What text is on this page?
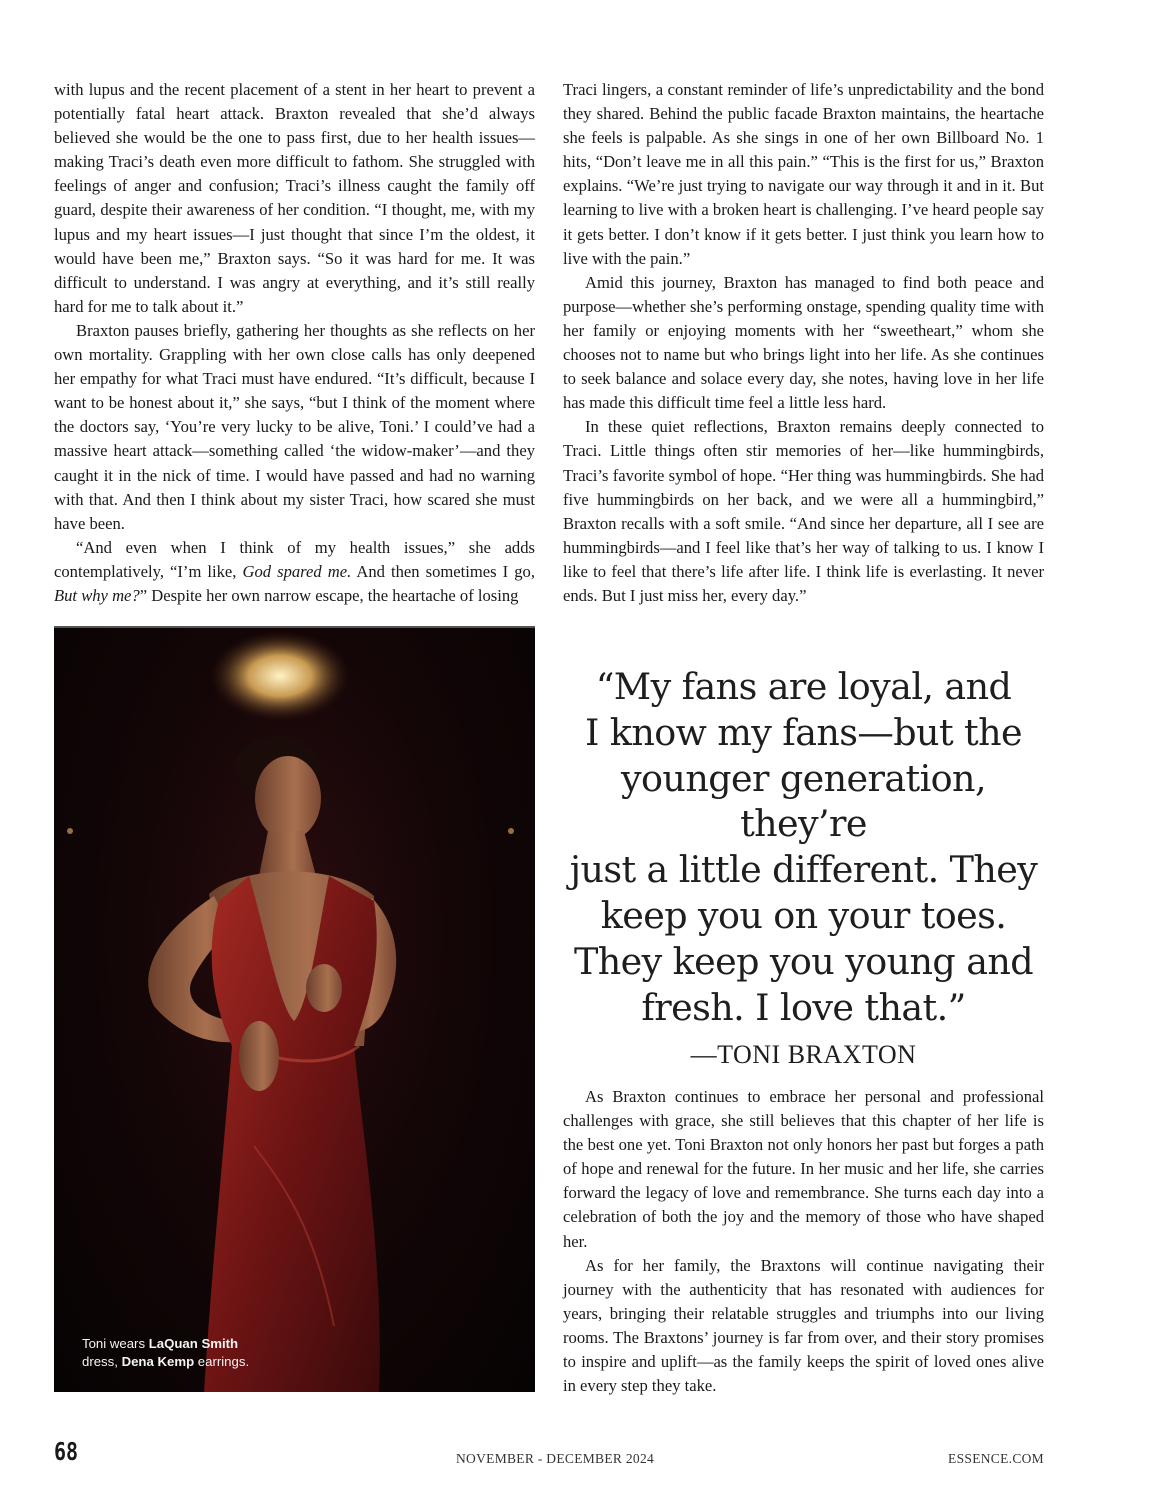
with lupus and the recent placement of a stent in her heart to prevent a potentially fatal heart attack. Braxton revealed that she’d always believed she would be the one to pass first, due to her health issues—making Traci’s death even more difficult to fathom. She struggled with feelings of anger and confusion; Traci’s illness caught the family off guard, despite their awareness of her condition. “I thought, me, with my lupus and my heart issues—I just thought that since I’m the oldest, it would have been me,” Braxton says. “So it was hard for me. It was difficult to understand. I was angry at everything, and it’s still really hard for me to talk about it.”

Braxton pauses briefly, gathering her thoughts as she reflects on her own mortality. Grappling with her own close calls has only deepened her empathy for what Traci must have endured. “It’s difficult, because I want to be honest about it,” she says, “but I think of the moment where the doctors say, ‘You’re very lucky to be alive, Toni.’ I could’ve had a massive heart attack—something called ‘the widow-maker’—and they caught it in the nick of time. I would have passed and had no warning with that. And then I think about my sister Traci, how scared she must have been.

“And even when I think of my health issues,” she adds contemplatively, “I’m like, God spared me. And then sometimes I go, But why me?” Despite her own narrow escape, the heartache of losing

Traci lingers, a constant reminder of life’s unpredictability and the bond they shared. Behind the public facade Braxton maintains, the heartache she feels is palpable. As she sings in one of her own Billboard No. 1 hits, “Don’t leave me in all this pain.” “This is the first for us,” Braxton explains. “We’re just trying to navigate our way through it and in it. But learning to live with a broken heart is challenging. I’ve heard people say it gets better. I don’t know if it gets better. I just think you learn how to live with the pain.”

Amid this journey, Braxton has managed to find both peace and purpose—whether she’s performing onstage, spending quality time with her family or enjoying moments with her “sweetheart,” whom she chooses not to name but who brings light into her life. As she continues to seek balance and solace every day, she notes, having love in her life has made this difficult time feel a little less hard.

In these quiet reflections, Braxton remains deeply connected to Traci. Little things often stir memories of her—like hummingbirds, Traci’s favorite symbol of hope. “Her thing was hummingbirds. She had five hummingbirds on her back, and we were all a hummingbird,” Braxton recalls with a soft smile. “And since her departure, all I see are hummingbirds—and I feel like that’s her way of talking to us. I know I like to feel that there’s life after life. I think life is everlasting. It never ends. But I just miss her, every day.”

Toni wears LaQuan Smith
dress, Dena Kemp earrings.
“My fans are loyal, and
I know my fans—but the
younger generation, they’re
just a little different. They
keep you on your toes.
They keep you young and
fresh. I love that.”
—TONI BRAXTON

As Braxton continues to embrace her personal and professional challenges with grace, she still believes that this chapter of her life is the best one yet. Toni Braxton not only honors her past but forges a path of hope and renewal for the future. In her music and her life, she carries forward the legacy of love and remembrance. She turns each day into a celebration of both the joy and the memory of those who have shaped her.

As for her family, the Braxtons will continue navigating their journey with the authenticity that has resonated with audiences for years, bringing their relatable struggles and triumphs into our living rooms. The Braxtons’ journey is far from over, and their story promises to inspire and uplift—as the family keeps the spirit of loved ones alive in every step they take.

68	NOVEMBER - DECEMBER 2024	ESSENCE.COM
